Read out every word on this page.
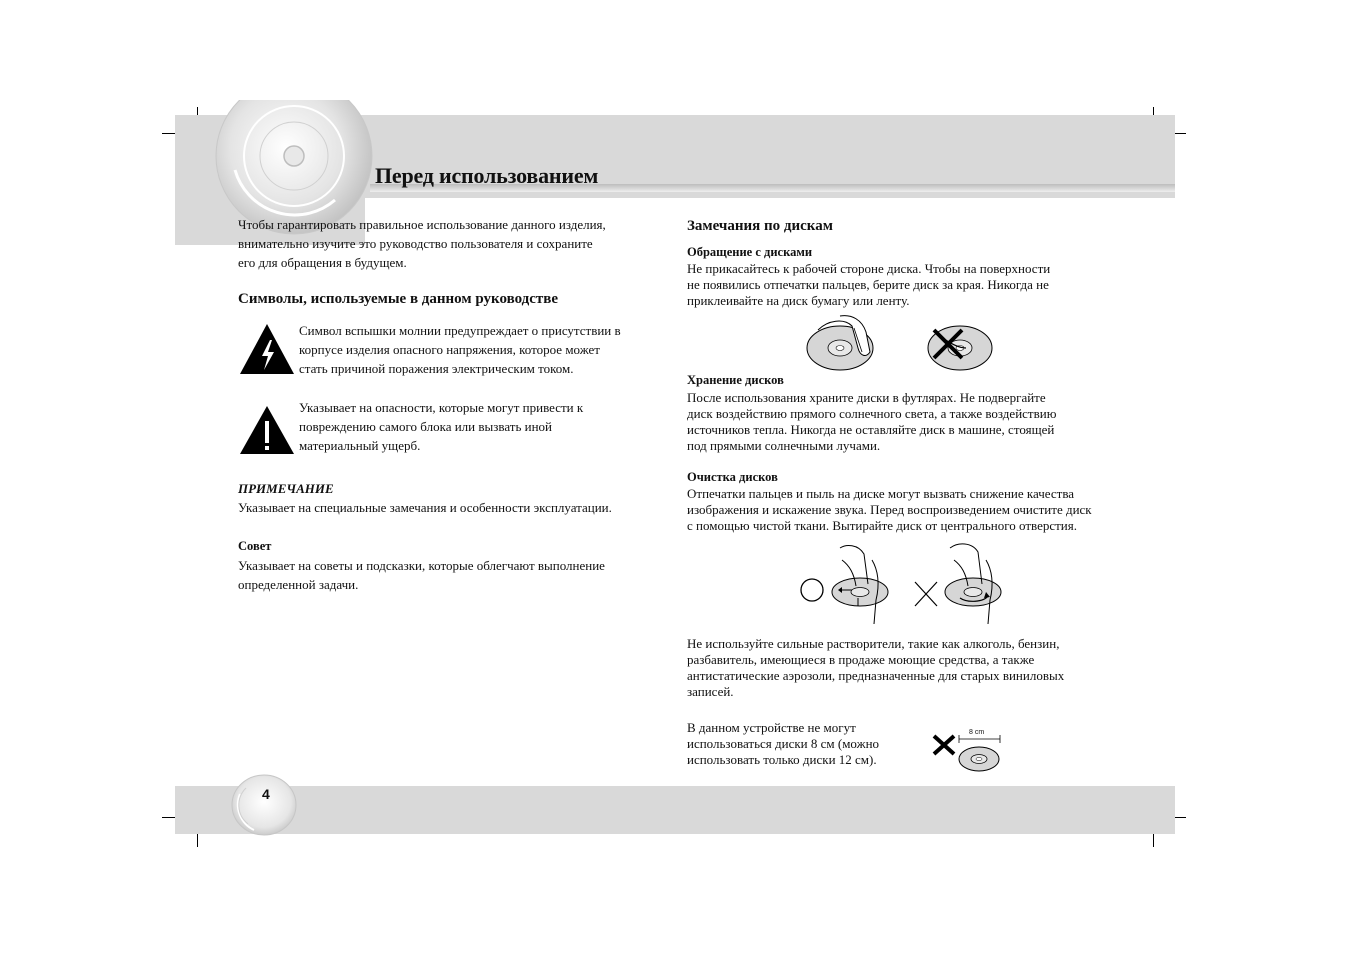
Перед использованием

Чтобы гарантировать правильное использование данного изделия,

внимательно изучите это руководство пользователя и сохраните

его для обращения в будущем.

Символы, используемые в данном руководстве

Символ вспышки молнии предупреждает о присутствии в

корпусе изделия опасного напряжения, которое может

стать причиной поражения электрическим током.

Указывает на опасности, которые могут привести к

повреждению самого блока или вызвать иной

материальный ущерб.

ПРИМЕЧАНИЕ
Указывает на специальные замечания и особенности эксплуатации.
Совет

Указывает на советы и подсказки, которые облегчают выполнение

определенной задачи.

Замечания по дискам
Обращение с дисками

Не прикасайтесь к рабочей стороне диска. Чтобы на поверхности

не появились отпечатки пальцев, берите диск за края. Никогда не

приклеивайте на диск бумагу или ленту.

Хранение дисков

После использования храните диски в футлярах. Не подвергайте

диск воздействию прямого солнечного света, а также воздействию

источников тепла. Никогда не оставляйте диск в машине, стоящей

под прямыми солнечными лучами.

Очистка дисков

Отпечатки пальцев и пыль на диске могут вызвать снижение качества

изображения и искажение звука. Перед воспроизведением очистите диск

с помощью чистой ткани. Вытирайте диск от центрального отверстия.

Не используйте сильные растворители, такие как алкоголь, бензин,

разбавитель, имеющиеся в продаже моющие средства, а также

антистатические аэрозоли, предназначенные для старых виниловых

записей.

В данном устройстве не могут

использоваться диски 8 см (можно

использовать только диски 12 см).

8 cm
4
